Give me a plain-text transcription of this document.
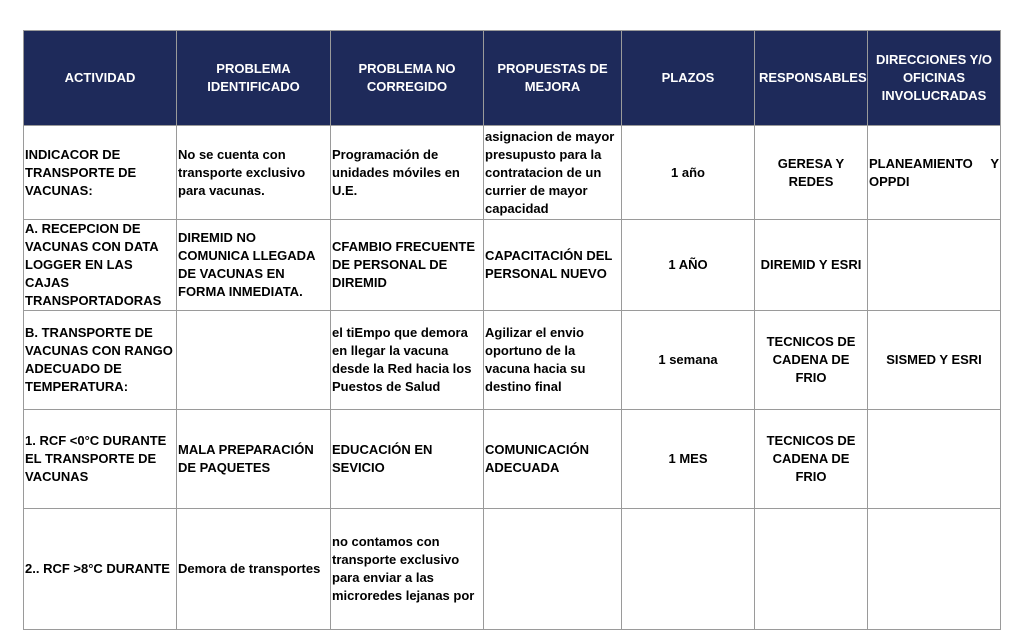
ACTIVIDAD	PROBLEMA IDENTIFICADO	PROBLEMA NO CORREGIDO	PROPUESTAS DE MEJORA	PLAZOS	RESPONSABLES	DIRECCIONES Y/O OFICINAS INVOLUCRADAS
INDICACOR DE TRANSPORTE DE VACUNAS:	No se cuenta con transporte exclusivo para vacunas.	Programación de unidades móviles en U.E.	asignacion de mayor presupusto para la contratacion de un currier de mayor capacidad	1 año	GERESA Y REDES	PLANEAMIENTO Y OPPDI
A. RECEPCION DE VACUNAS CON DATA LOGGER EN LAS CAJAS TRANSPORTADORAS	DIREMID NO COMUNICA LLEGADA DE VACUNAS EN FORMA INMEDIATA.	CFAMBIO FRECUENTE DE PERSONAL DE DIREMID	CAPACITACIÓN DEL PERSONAL NUEVO	1 AÑO	DIREMID Y ESRI	
B. TRANSPORTE DE VACUNAS CON RANGO ADECUADO DE TEMPERATURA:		el tiEmpo que demora en llegar la vacuna desde la Red hacia los Puestos de Salud	Agilizar el envio oportuno de la vacuna hacia su destino final	1 semana	TECNICOS DE CADENA DE FRIO	SISMED Y ESRI
1. RCF <0°C DURANTE EL TRANSPORTE DE VACUNAS	MALA PREPARACIÓN DE PAQUETES	EDUCACIÓN EN SEVICIO	COMUNICACIÓN ADECUADA	1 MES	TECNICOS DE CADENA DE FRIO	
2.. RCF >8°C DURANTE	Demora de transportes	no contamos con transporte exclusivo para enviar a las microredes lejanas por				
